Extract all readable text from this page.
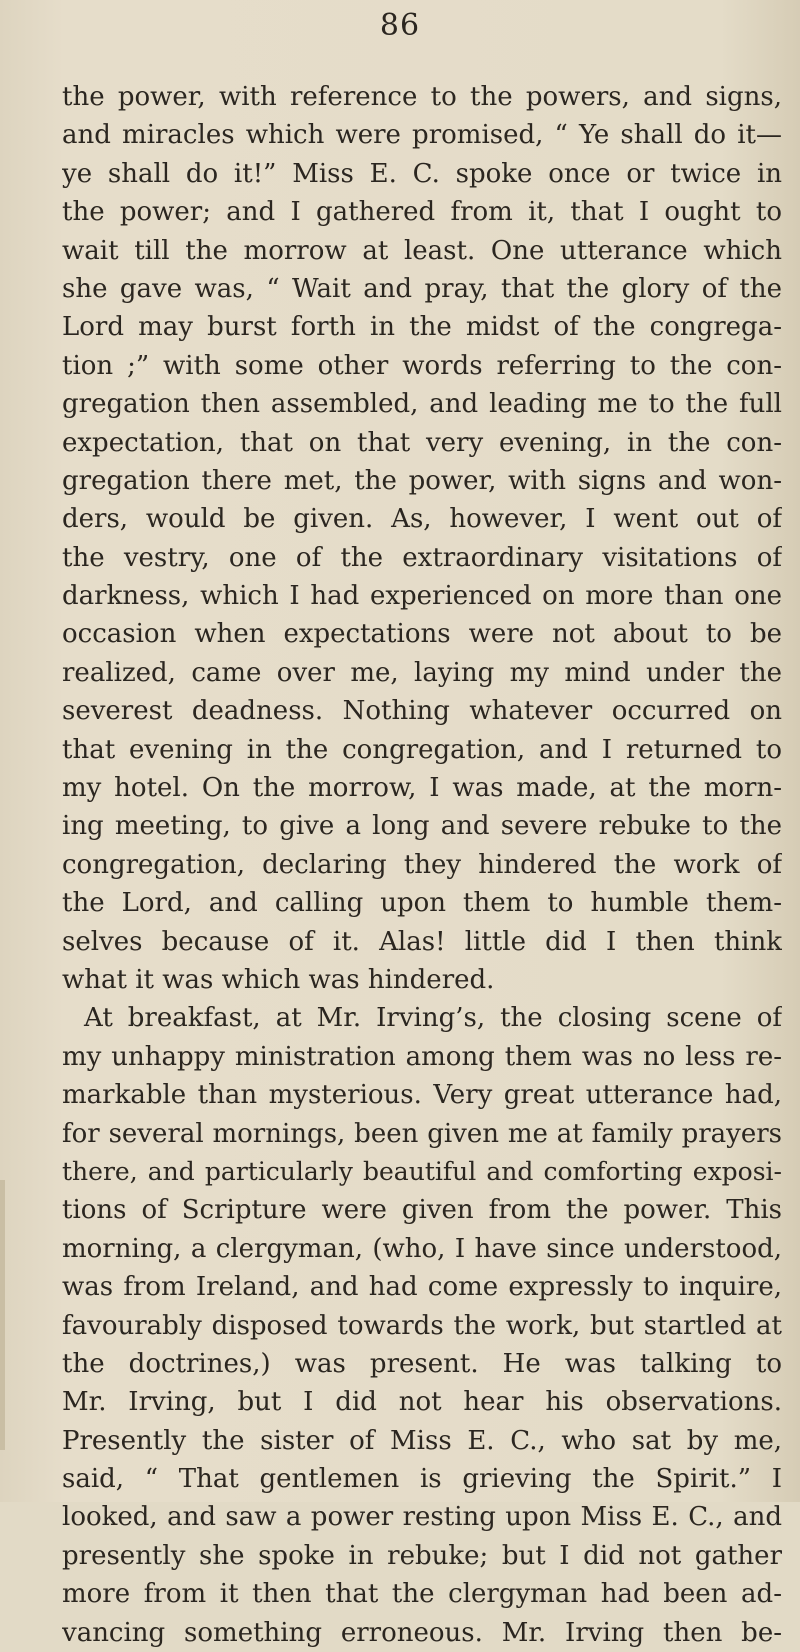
86
the power, with reference to the powers, and signs,
and miracles which were promised, “ Ye shall do it—
ye shall do it!” Miss E. C. spoke once or twice in
the power; and I gathered from it, that I ought to
wait till the morrow at least. One utterance which
she gave was, “ Wait and pray, that the glory of the
Lord may burst forth in the midst of the congrega-
tion ;” with some other words referring to the con-
gregation then assembled, and leading me to the full
expectation, that on that very evening, in the con-
gregation there met, the power, with signs and won-
ders, would be given. As, however, I went out of
the vestry, one of the extraordinary visitations of
darkness, which I had experienced on more than one
occasion when expectations were not about to be
realized, came over me, laying my mind under the
severest deadness. Nothing whatever occurred on
that evening in the congregation, and I returned to
my hotel. On the morrow, I was made, at the morn-
ing meeting, to give a long and severe rebuke to the
congregation, declaring they hindered the work of
the Lord, and calling upon them to humble them-
selves because of it. Alas! little did I then think
what it was which was hindered.
At breakfast, at Mr. Irving’s, the closing scene of
my unhappy ministration among them was no less re-
markable than mysterious. Very great utterance had,
for several mornings, been given me at family prayers
there, and particularly beautiful and comforting exposi-
tions of Scripture were given from the power. This
morning, a clergyman, (who, I have since understood,
was from Ireland, and had come expressly to inquire,
favourably disposed towards the work, but startled at
the doctrines,) was present. He was talking to
Mr. Irving, but I did not hear his observations.
Presently the sister of Miss E. C., who sat by me,
said, “ That gentlemen is grieving the Spirit.” I
looked, and saw a power resting upon Miss E. C., and
presently she spoke in rebuke; but I did not gather
more from it then that the clergyman had been ad-
vancing something erroneous. Mr. Irving then be-
